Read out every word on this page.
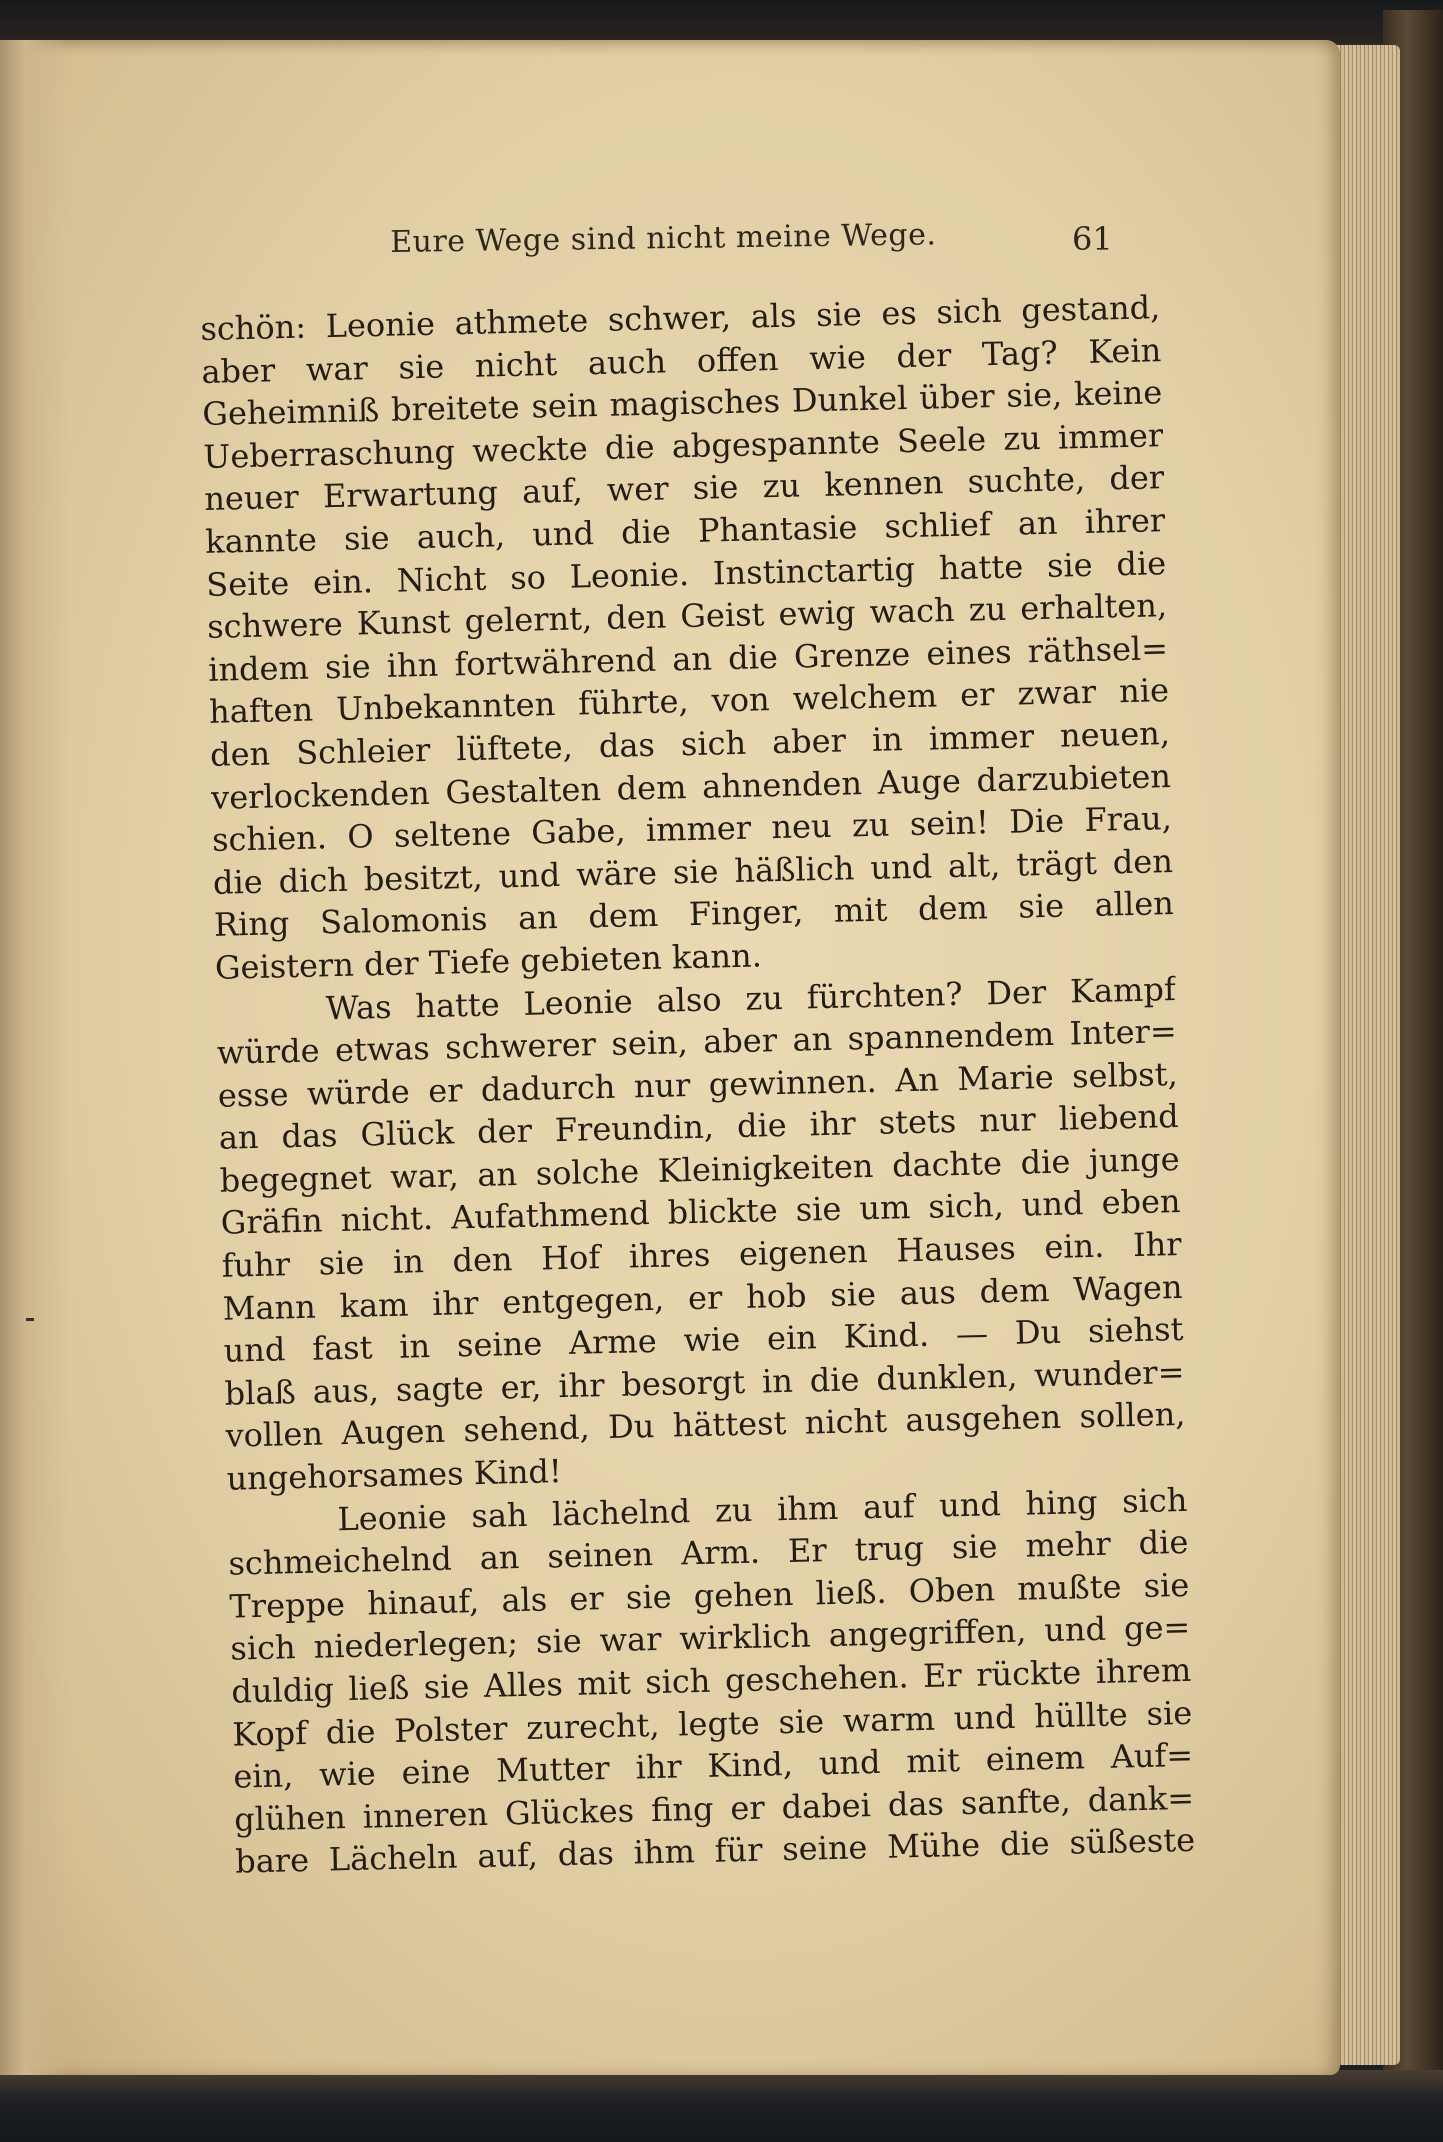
Eure Wege sind nicht meine Wege.	61
schön: Leonie athmete schwer, als sie es sich gestand,
aber war sie nicht auch offen wie der Tag? Kein
Geheimniß breitete sein magisches Dunkel über sie, keine
Ueberraschung weckte die abgespannte Seele zu immer
neuer Erwartung auf, wer sie zu kennen suchte, der
kannte sie auch, und die Phantasie schlief an ihrer
Seite ein. Nicht so Leonie. Instinctartig hatte sie die
schwere Kunst gelernt, den Geist ewig wach zu erhalten,
indem sie ihn fortwährend an die Grenze eines räthsel=
haften Unbekannten führte, von welchem er zwar nie
den Schleier lüftete, das sich aber in immer neuen,
verlockenden Gestalten dem ahnenden Auge darzubieten
schien. O seltene Gabe, immer neu zu sein! Die Frau,
die dich besitzt, und wäre sie häßlich und alt, trägt den
Ring Salomonis an dem Finger, mit dem sie allen
Geistern der Tiefe gebieten kann.
Was hatte Leonie also zu fürchten? Der Kampf
würde etwas schwerer sein, aber an spannendem Inter=
esse würde er dadurch nur gewinnen. An Marie selbst,
an das Glück der Freundin, die ihr stets nur liebend
begegnet war, an solche Kleinigkeiten dachte die junge
Gräfin nicht. Aufathmend blickte sie um sich, und eben
fuhr sie in den Hof ihres eigenen Hauses ein. Ihr
Mann kam ihr entgegen, er hob sie aus dem Wagen
und fast in seine Arme wie ein Kind. — Du siehst
blaß aus, sagte er, ihr besorgt in die dunklen, wunder=
vollen Augen sehend, Du hättest nicht ausgehen sollen,
ungehorsames Kind!
Leonie sah lächelnd zu ihm auf und hing sich
schmeichelnd an seinen Arm. Er trug sie mehr die
Treppe hinauf, als er sie gehen ließ. Oben mußte sie
sich niederlegen; sie war wirklich angegriffen, und ge=
duldig ließ sie Alles mit sich geschehen. Er rückte ihrem
Kopf die Polster zurecht, legte sie warm und hüllte sie
ein, wie eine Mutter ihr Kind, und mit einem Auf=
glühen inneren Glückes fing er dabei das sanfte, dank=
bare Lächeln auf, das ihm für seine Mühe die süßeste
